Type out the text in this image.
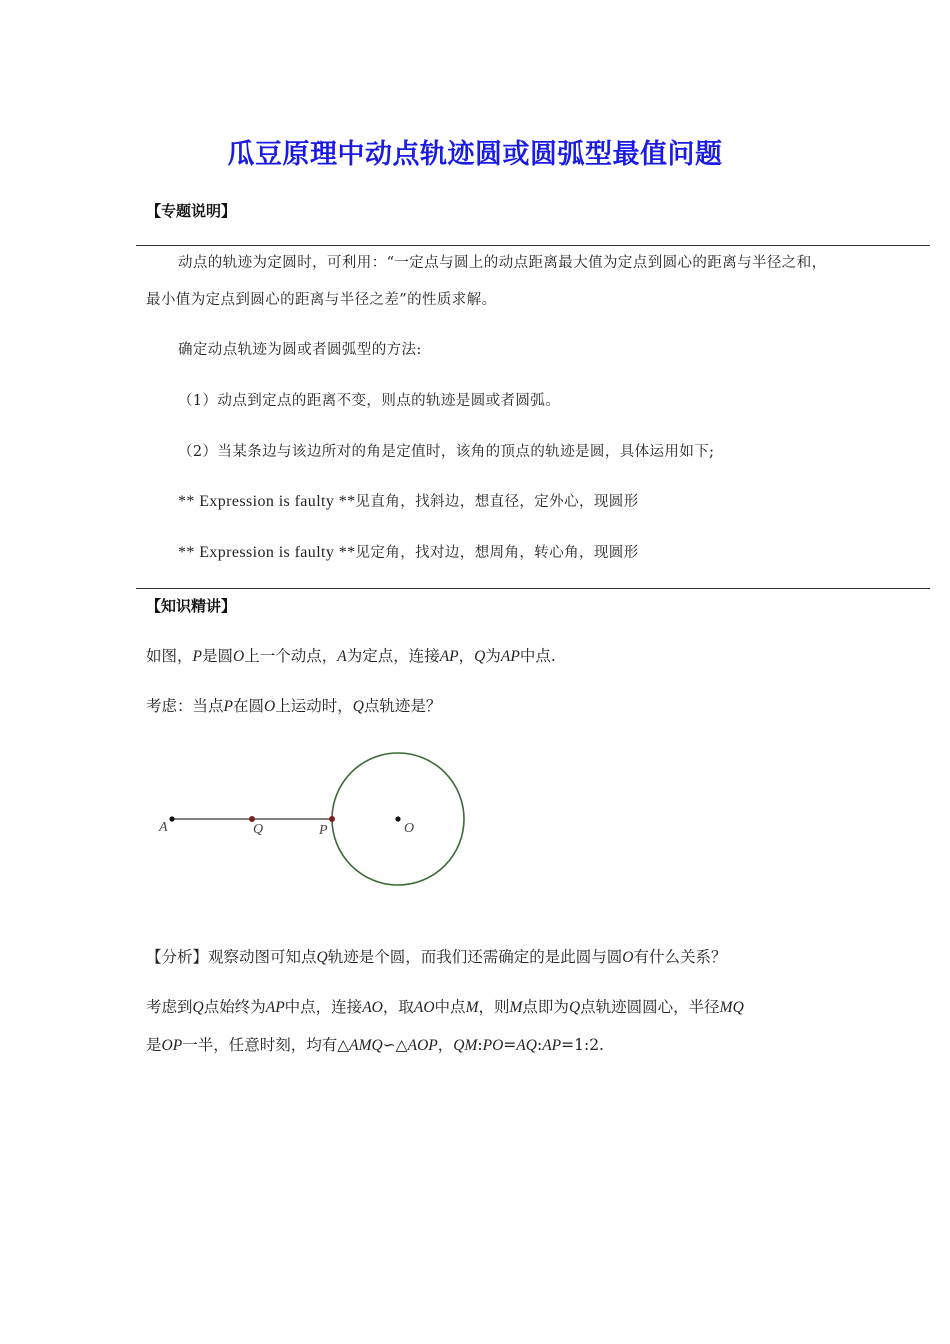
瓜豆原理中动点轨迹圆或圆弧型最值问题
【专题说明】
动点的轨迹为定圆时，可利用：“一定点与圆上的动点距离最大值为定点到圆心的距离与半径之和，
最小值为定点到圆心的距离与半径之差”的性质求解。
确定动点轨迹为圆或者圆弧型的方法:
（1）动点到定点的距离不变，则点的轨迹是圆或者圆弧。
（2）当某条边与该边所对的角是定值时，该角的顶点的轨迹是圆，具体运用如下;
** Expression is faulty **见直角，找斜边，想直径，定外心，现圆形
** Expression is faulty **见定角，找对边，想周角，转心角，现圆形
【知识精讲】
如图，P是圆O上一个动点，A为定点，连接AP，Q为AP中点.
考虑：当点P在圆O上运动时，Q点轨迹是？
A	Q	P	O
【分析】观察动图可知点Q轨迹是个圆，而我们还需确定的是此圆与圆O有什么关系？
考虑到Q点始终为AP中点，连接AO，取AO中点M，则M点即为Q点轨迹圆圆心，半径MQ
是OP一半，任意时刻，均有△AMQ∽△AOP，QM:PO=AQ:AP=1:2.
